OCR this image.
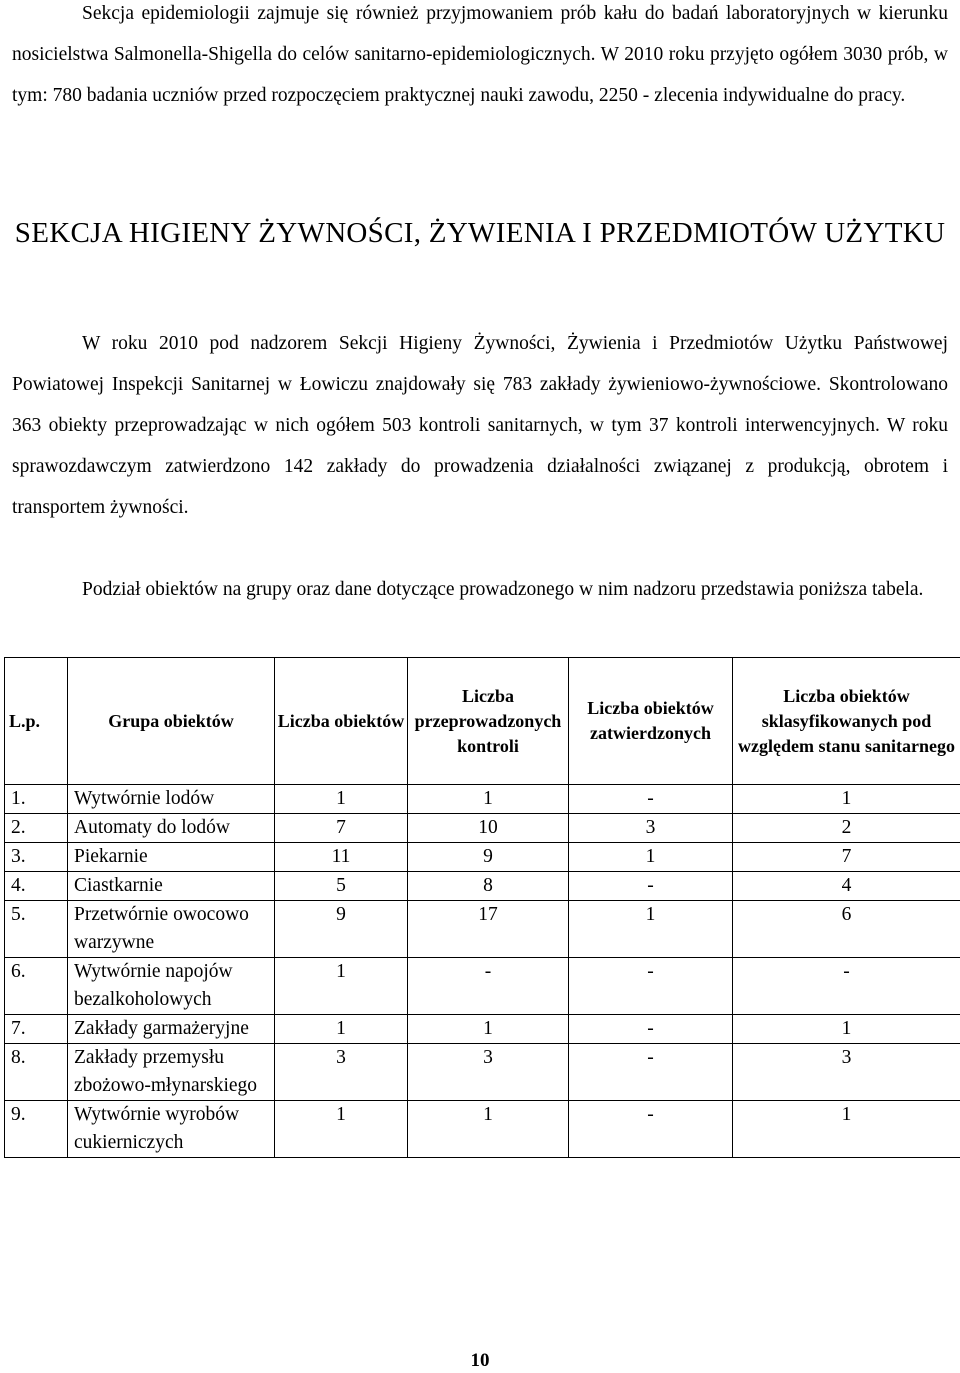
Sekcja epidemiologii zajmuje się również przyjmowaniem prób kału do badań laboratoryjnych w kierunku nosicielstwa Salmonella-Shigella do celów sanitarno-epidemiologicznych. W 2010 roku przyjęto ogółem 3030 prób, w tym: 780 badania uczniów przed rozpoczęciem praktycznej nauki zawodu, 2250 - zlecenia indywidualne do pracy.

SEKCJA HIGIENY ŻYWNOŚCI, ŻYWIENIA I PRZEDMIOTÓW UŻYTKU

W roku 2010 pod nadzorem Sekcji Higieny Żywności, Żywienia i Przedmiotów Użytku Państwowej Powiatowej Inspekcji Sanitarnej w Łowiczu znajdowały się 783 zakłady żywieniowo-żywnościowe. Skontrolowano 363 obiekty przeprowadzając w nich ogółem 503 kontroli sanitarnych, w tym 37 kontroli interwencyjnych. W roku sprawozdawczym zatwierdzono 142 zakłady do prowadzenia działalności związanej z produkcją, obrotem i transportem żywności.

Podział obiektów na grupy oraz dane dotyczące prowadzonego w nim nadzoru przedstawia poniższa tabela.

L.p.	Grupa obiektów	Liczba obiektów	Liczba przeprowadzonych kontroli	Liczba obiektów zatwierdzonych	Liczba obiektów sklasyfikowanych pod względem stanu sanitarnego
1.	Wytwórnie lodów	1	1	-	1
2.	Automaty do lodów	7	10	3	2
3.	Piekarnie	11	9	1	7
4.	Ciastkarnie	5	8	-	4
5.	Przetwórnie owocowo warzywne	9	17	1	6
6.	Wytwórnie napojów bezalkoholowych	1	-	-	-
7.	Zakłady garmażeryjne	1	1	-	1
8.	Zakłady przemysłu zbożowo-młynarskiego	3	3	-	3
9.	Wytwórnie wyrobów cukierniczych	1	1	-	1
10
